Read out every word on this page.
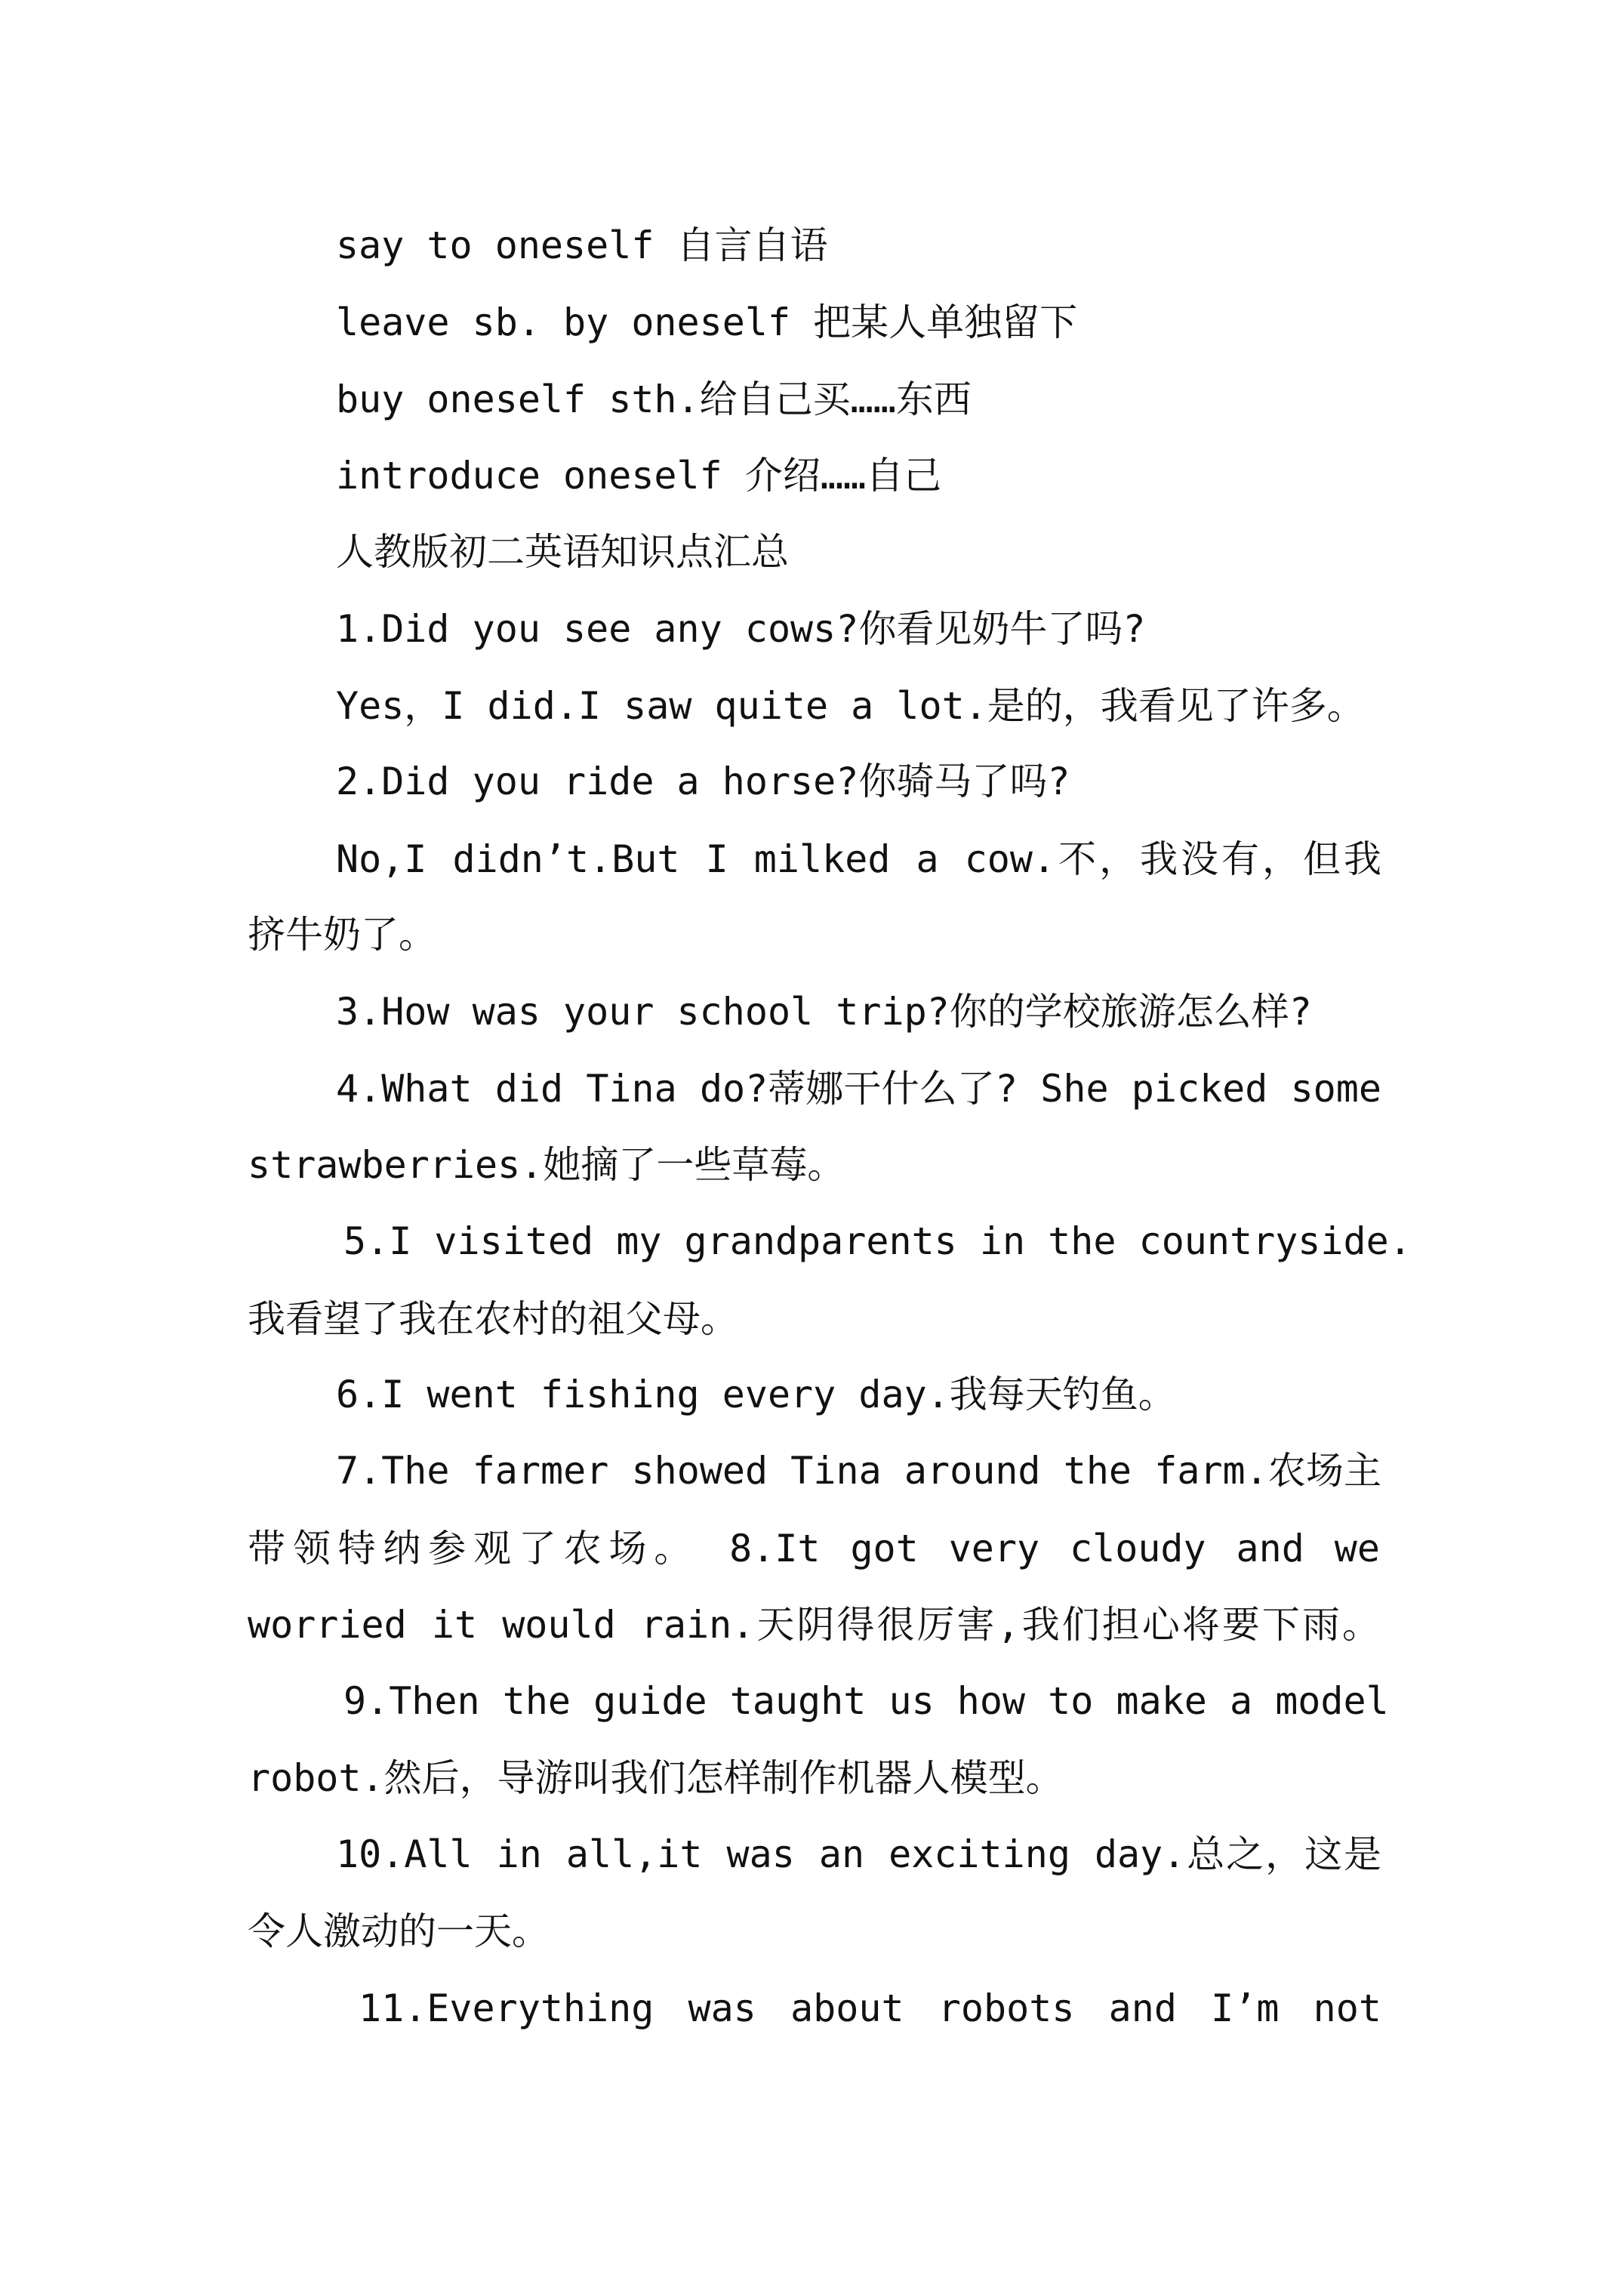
say to oneself 自言自语
leave sb. by oneself 把某人单独留下
buy oneself sth.给自己买……东西
introduce oneself 介绍……自己
人教版初二英语知识点汇总
1.Did you see any cows?你看见奶牛了吗?
Yes，I did.I saw quite a lot.是的，我看见了许多。
2.Did you ride a horse?你骑马了吗?
No,I didn’t.But I milked a cow.不，我没有，但我
挤牛奶了。
3.How was your school trip?你的学校旅游怎么样?
4.What did Tina do?蒂娜干什么了? She picked some
strawberries.她摘了一些草莓。
5.I visited my grandparents in the countryside.
我看望了我在农村的祖父母。
6.I went fishing every day.我每天钓鱼。
7.The farmer showed Tina around the farm.农场主
带领特纳参观了农场。 8.It got very cloudy and we
worried it would rain.天阴得很厉害,我们担心将要下雨。
9.Then the guide taught us how to make a model
robot.然后，导游叫我们怎样制作机器人模型。
10.All in all,it was an exciting day.总之，这是
令人激动的一天。
11.Everything was about robots and I’m not
